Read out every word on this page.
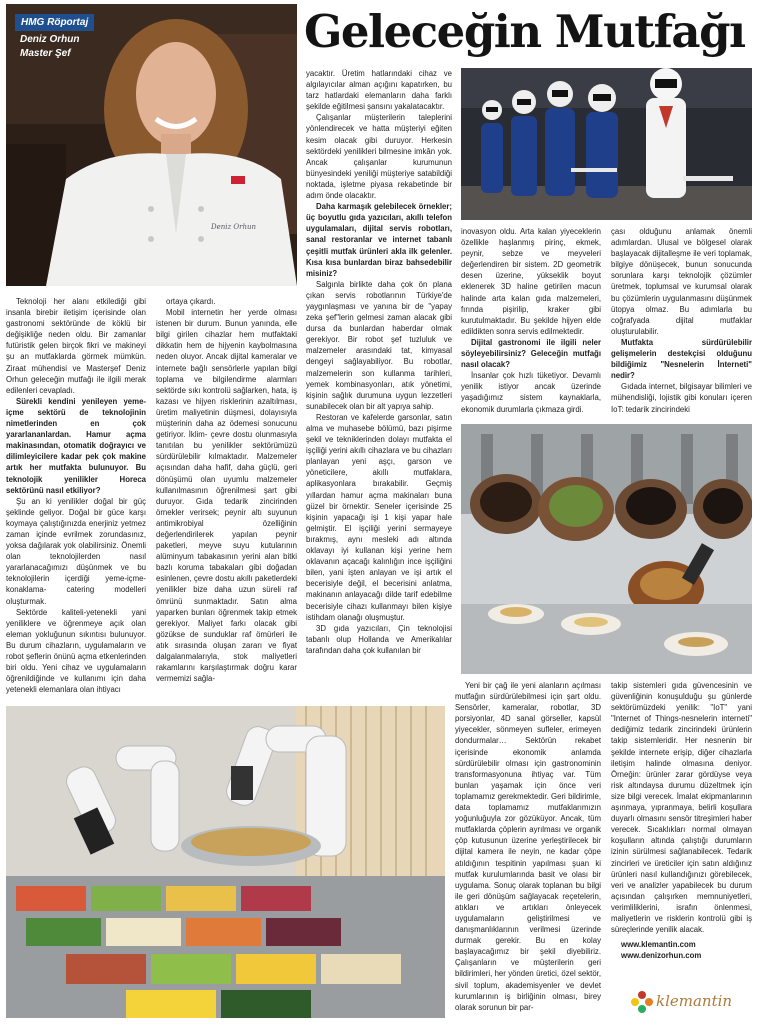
Deniz Orhun
HMG Röportaj
Deniz Orhun
Master Şef	Geleceğin Mutfağı

Teknoloji her alanı etkilediği gibi insanla birebir iletişim içerisinde olan gastronomi sektöründe de köklü bir değişikliğe neden oldu. Bir zamanlar futüristik gelen birçok fikri ve makineyi şu an mutfaklarda görmek mümkün. Ziraat mühendisi ve Masterşef Deniz Orhun geleceğin mutfağı ile ilgili merak edilenleri cevapladı.

Sürekli kendini yenileyen yeme- içme sektörü de teknolojinin nimetlerinden en çok yararlananlardan. Hamur açma makinasından, otomatik doğrayıcı ve dilimleyicilere kadar pek çok makine artık her mutfakta bulunuyor. Bu teknolojik yenilikler Horeca sektörünü nasıl etkiliyor?

Şu an ki yenilikler doğal bir güç şeklinde geliyor. Doğal bir güce karşı koymaya çalıştığınızda enerjiniz yetmez zaman içinde evrilmek zorundasınız, yoksa dağılarak yok olabilirsiniz. Önemli olan teknolojilerden nasıl yararlanacağımızı düşünmek ve bu teknolojilerin içerdiği yeme-içme-konaklama- catering modelleri oluşturmak.

Sektörde kaliteli-yetenekli yani yeniliklere ve öğrenmeye açık olan eleman yokluğunun sıkıntısı bulunuyor. Bu durum cihazların, uygulamaların ve robot şeflerin önünü açma etkenlerinden biri oldu. Yeni cihaz ve uygulamaların öğrenildiğinde ve kullanımı için daha yetenekli elemanlara olan ihtiyacı

ortaya çıkardı.

Mobil internetin her yerde olması istenen bir durum. Bunun yanında, elle bilgi girilen cihazlar hem mutfaktaki dikkatin hem de hijyenin kaybolmasına neden oluyor. Ancak dijital kameralar ve internete bağlı sensörlerle yapılan bilgi toplama ve bilgilendirme alarmları sektörde sıkı kontrolü sağlarken, hata, iş kazası ve hijyen risklerinin azaltılması, üretim maliyetinin düşmesi, dolayısıyla müşterinin daha az ödemesi sonucunu getiriyor. İklim- çevre dostu olunmasıyla tanıtılan bu yenilikler sektörümüzü sürdürülebilir kılmaktadır. Malzemeler açısından daha hafif, daha güçlü, geri dönüşümü olan uyumlu malzemeler kullanılmasının öğrenilmesi şart gibi duruyor. Gıda tedarik zincirinden örnekler verirsek; peynir altı suyunun antimikrobiyal özelliğinin değerlendirilerek yapılan peynir paketleri, meyve suyu kutularının alüminyum tabakasının yerini alan bitki bazlı koruma tabakaları gibi doğadan esinlenen, çevre dostu akıllı paketlerdeki yenilikler bize daha uzun süreli raf ömrünü sunmaktadır. Satın alma yaparken bunları öğrenmek takip etmek gerekiyor. Maliyet farkı olacak gibi gözükse de sunduklar raf ömürleri ile atık sırasında oluşan zararı ve fiyat dalgalanmalarıyla, stok maliyetleri rakamlarını karşılaştırmak doğru karar vermemizi sağla-

yacaktır. Üretim hatlarındaki cihaz ve algılayıcılar alman açığını kapatırken, bu tarz hatlardaki elemanların daha farklı şekilde eğitilmesi şansını yakalatacaktır.

Çalışanlar müşterilerin taleplerini yönlendirecek ve hatta müşteriyi eğiten kesim olacak gibi duruyor. Herkesin sektördeki yenilikleri bilmesine imkân yok. Ancak çalışanlar kurumunun bünyesindeki yeniliği müşteriye satabildiği noktada, işletme piyasa rekabetinde bir adım önde olacaktır.

Daha karmaşık gelebilecek örnekler; üç boyutlu gıda yazıcıları, akıllı telefon uygulamaları, dijital servis robotları, sanal restoranlar ve internet tabanlı çeşitli mutfak ürünleri akla ilk gelenler. Kısa kısa bunlardan biraz bahsedebilir misiniz?

Salgınla birlikte daha çok ön plana çıkan servis robotlarının Türkiye'de yaygınlaşması ve yanına bir de "yapay zeka şef"lerin gelmesi zaman alacak gibi dursa da bunlardan haberdar olmak gerekiyor. Bir robot şef tuzluluk ve malzemeler arasındaki tat, kimyasal dengeyi sağlayabiliyor. Bu robotlar, malzemelerin son kullanma tarihleri, yemek kombinasyonları, atık yönetimi, kişinin sağlık durumuna uygun lezzetleri sunabilecek olan bir alt yapıya sahip.

Restoran ve kafelerde garsonlar, satın alma ve muhasebe bölümü, bazı pişirme şekil ve tekniklerinden dolayı mutfakta el işçiliği yerini akıllı cihazlara ve bu cihazları planlayan yeni aşçı, garson ve yöneticilere, akıllı mutfaklara, aplikasyonlara bırakabilir. Geçmiş yıllardan hamur açma makinaları buna güzel bir örnektir. Seneler içerisinde 25 kişinin yapacağı işi 1 kişi yapar hale gelmiştir. El işçiliği yerini sermayeye bırakmış, aynı mesleki adı altında oklavayı iyi kullanan kişi yerine hem oklavanın açacağı kalınlığın ince işçiliğini bilen, yani işten anlayan ve işi artık el becerisiyle değil, el becerisini anlatma, makinanın anlayacağı dilde tarif edebilme becerisiyle cihazı kullanmayı bilen kişiye istihdam olanağı oluşmuştur.

3D gıda yazıcıları, Çin teknolojisi tabanlı olup Hollanda ve Amerikalılar tarafından daha çok kullanılan bir

inovasyon oldu. Arta kalan yiyeceklerin özellikle haşlanmış pirinç, ekmek, peynir, sebze ve meyveleri değerlendiren bir sistem. 2D geometrik desen üzerine, yükseklik boyut eklenerek 3D haline getirilen macun halinde arta kalan gıda malzemeleri, fırında pişirilip, kraker gibi kurutulmaktadır. Bu şekilde hijyen elde edildikten sonra servis edilmektedir.

Dijital gastronomi ile ilgili neler söyleyebilirsiniz? Geleceğin mutfağı nasıl olacak?

İnsanlar çok hızlı tüketiyor. Devamlı yenilik istiyor ancak üzerinde yaşadığımız sistem kaynaklarla, ekonomik durumlarla çıkmaza girdi.

çası olduğunu anlamak önemli adımlardan. Ulusal ve bölgesel olarak başlayacak dijitalleşme ile veri toplamak, bilgiye dönüşecek, bunun sonucunda sorunlara karşı teknolojik çözümler üretmek, toplumsal ve kurumsal olarak bu çözümlerin uygulanmasını düşünmek ütopya olmaz. Bu adımlarla bu coğrafyada dijital mutfaklar oluşturulabilir.

Mutfakta sürdürülebilir gelişmelerin destekçisi olduğunu bildiğimiz "Nesnelerin İnterneti" nedir?

Gıdada internet, bilgisayar bilimleri ve mühendisliği, lojistik gibi konuları içeren IoT: tedarik zincirindeki

Yeni bir çağ ile yeni alanların açılması mutfağın sürdürülebilmesi için şart oldu. Sensörler, kameralar, robotlar, 3D porsiyonlar, 4D sanal görseller, kapsül yiyecekler, sönmeyen sufleler, erimeyen dondurmalar… Sektörün rekabet içerisinde ekonomik anlamda sürdürülebilir olması için gastronominin transformasyonuna ihtiyaç var. Tüm bunları yaşamak için önce veri toplamamız gerekmektedir. Geri bildirimle, data toplamamız mutfaklarımızın yoğunluğuyla zor gözüküyor. Ancak, tüm mutfaklarda çöplerin ayrılması ve organik çöp kutusunun üzerine yerleştirilecek bir dijital kamera ile neyin, ne kadar çöpe atıldığının tespitinin yapılması şuan ki mutfak kurulumlarında basit ve olası bir uygulama. Sonuç olarak toplanan bu bilgi ile geri dönüşüm sağlayacak reçetelerin, atıkları ve artıkları önleyecek uygulamaların geliştirilmesi ve danışmanlıklarının verilmesi üzerinde durmak gerekir. Bu en kolay başlayacağımız bir şekil diyebiliriz. Çalışanların ve müşterilerin geri bildirimleri, her yönden üretici, özel sektör, sivil toplum, akademisyenler ve devlet kurumlarının iş birliğinin olması, birey olarak sorunun bir par-

takip sistemleri gıda güvencesinin ve güvenliğinin konuşulduğu şu günlerde sektörümüzdeki yenilik: "IoT" yani "Internet of Things-nesnelerin interneti" dediğimiz tedarik zincirindeki ürünlerin takip sistemleridir. Her nesnenin bir şekilde internete erişip, diğer cihazlarla iletişim halinde olmasına deniyor. Örneğin: ürünler zarar gördüyse veya risk altındaysa durumu düzeltmek için size bilgi verecek. İmalat ekipmanlarının aşınmaya, yıpranmaya, belirli koşullara duyarlı olmasını sensör titreşimleri haber verecek. Sıcaklıkları normal olmayan koşulların altında çalıştığı durumların izinin sürülmesi sağlanabilecek. Tedarik zincirleri ve üreticiler için satın aldığınız ürünleri nasıl kullandığınızı görebilecek, veri ve analizler yapabilecek bu durum açısından çalışırken memnuniyetleri, verimliliklerini, israfın önlenmesi, maliyetlerin ve risklerin kontrolü gibi iş süreçlerinde yenilik alacak.

www.klemantin.com

www.denizorhun.com

klemantin
